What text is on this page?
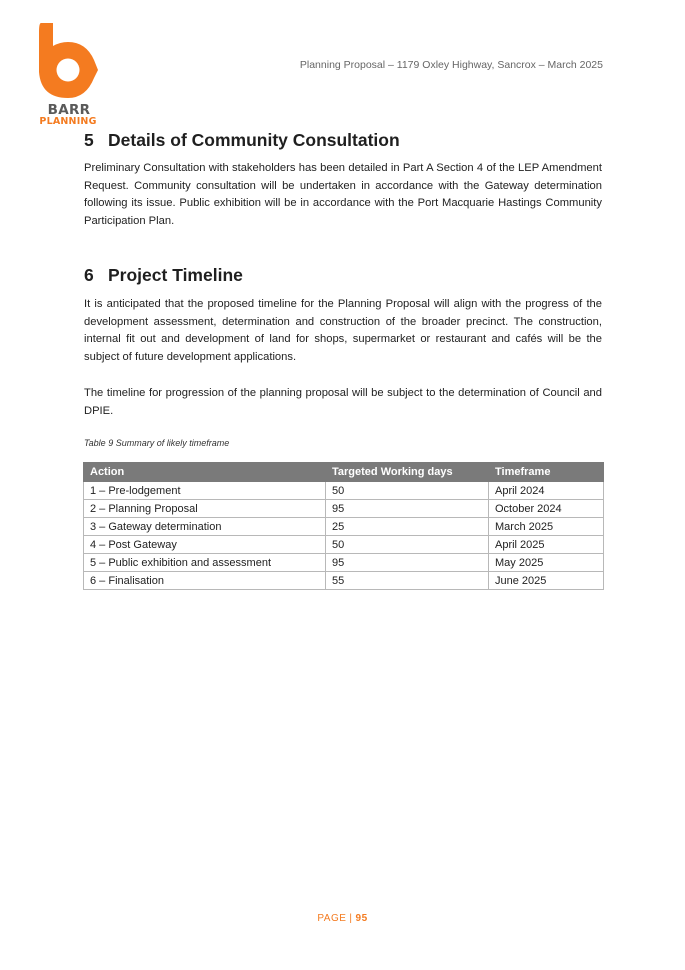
BARR
PLANNING
Planning Proposal – 1179 Oxley Highway, Sancrox – March 2025
5 Details of Community Consultation

Preliminary Consultation with stakeholders has been detailed in Part A Section 4 of the LEP Amendment Request. Community consultation will be undertaken in accordance with the Gateway determination following its issue. Public exhibition will be in accordance with the Port Macquarie Hastings Community Participation Plan.

6 Project Timeline

It is anticipated that the proposed timeline for the Planning Proposal will align with the progress of the development assessment, determination and construction of the broader precinct. The construction, internal fit out and development of land for shops, supermarket or restaurant and cafés will be the subject of future development applications.

The timeline for progression of the planning proposal will be subject to the determination of Council and DPIE.

Table 9 Summary of likely timeframe
Action	Targeted Working days	Timeframe
1 – Pre-lodgement	50	April 2024
2 – Planning Proposal	95	October 2024
3 – Gateway determination	25	March 2025
4 – Post Gateway	50	April 2025
5 – Public exhibition and assessment	95	May 2025
6 – Finalisation	55	June 2025
PAGE | 95
